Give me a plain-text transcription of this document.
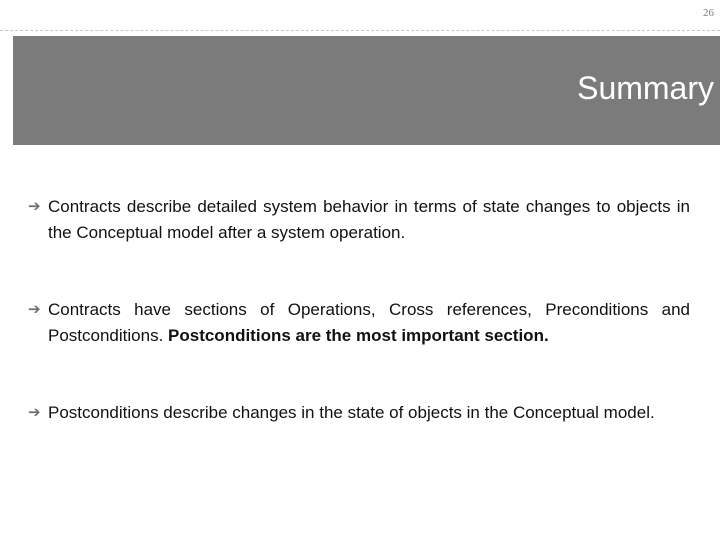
26
Summary
➔ Contracts describe detailed system behavior in terms of state changes to objects in the Conceptual model after a system operation.
➔ Contracts have sections of Operations, Cross references, Preconditions and Postconditions. Postconditions are the most important section.
➔ Postconditions describe changes in the state of objects in the Conceptual model.
